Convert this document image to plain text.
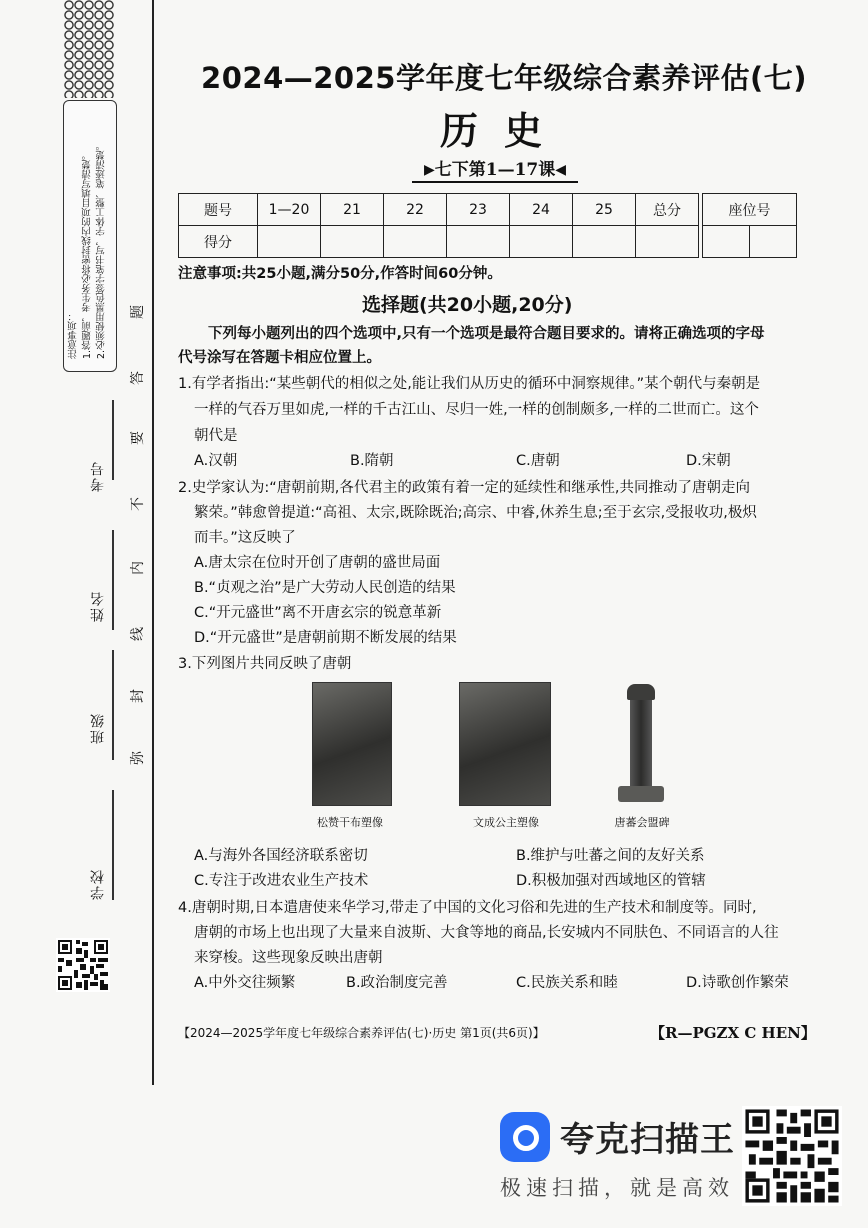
注意事项： 1.答题前，考生务必将密封线内的项目填写清楚。 2.必须使用黑色签字笔书写，字体工整、笔迹清楚。
考号
姓名
班级
学校
题
答
要
不
内
线
封
弥
2024—2025学年度七年级综合素养评估(七)
历史
▶七下第1—17课◀
题号	1—20	21	22	23	24	25	总分
得分							
座位号

注意事项:共25小题,满分50分,作答时间60分钟。
选择题(共20小题,20分)
下列每小题列出的四个选项中,只有一个选项是最符合题目要求的。请将正确选项的字母
代号涂写在答题卡相应位置上。
1.有学者指出:“某些朝代的相似之处,能让我们从历史的循环中洞察规律。”某个朝代与秦朝是
一样的气吞万里如虎,一样的千古江山、尽归一姓,一样的创制颇多,一样的二世而亡。这个
朝代是
A.汉朝	B.隋朝	C.唐朝	D.宋朝
2.史学家认为:“唐朝前期,各代君主的政策有着一定的延续性和继承性,共同推动了唐朝走向
繁荣。”韩愈曾提道:“高祖、太宗,既除既治;高宗、中睿,休养生息;至于玄宗,受报收功,极炽
而丰。”这反映了
A.唐太宗在位时开创了唐朝的盛世局面
B.“贞观之治”是广大劳动人民创造的结果
C.“开元盛世”离不开唐玄宗的锐意革新
D.“开元盛世”是唐朝前期不断发展的结果
3.下列图片共同反映了唐朝
松赞干布塑像	文成公主塑像	唐蕃会盟碑
A.与海外各国经济联系密切	B.维护与吐蕃之间的友好关系
C.专注于改进农业生产技术	D.积极加强对西域地区的管辖
4.唐朝时期,日本遣唐使来华学习,带走了中国的文化习俗和先进的生产技术和制度等。同时,
唐朝的市场上也出现了大量来自波斯、大食等地的商品,长安城内不同肤色、不同语言的人往
来穿梭。这些现象反映出唐朝
A.中外交往频繁	B.政治制度完善	C.民族关系和睦	D.诗歌创作繁荣
【2024—2025学年度七年级综合素养评估(七)·历史 第1页(共6页)】	【R—PGZX C HEN】
夸克扫描王
极速扫描，就是高效
